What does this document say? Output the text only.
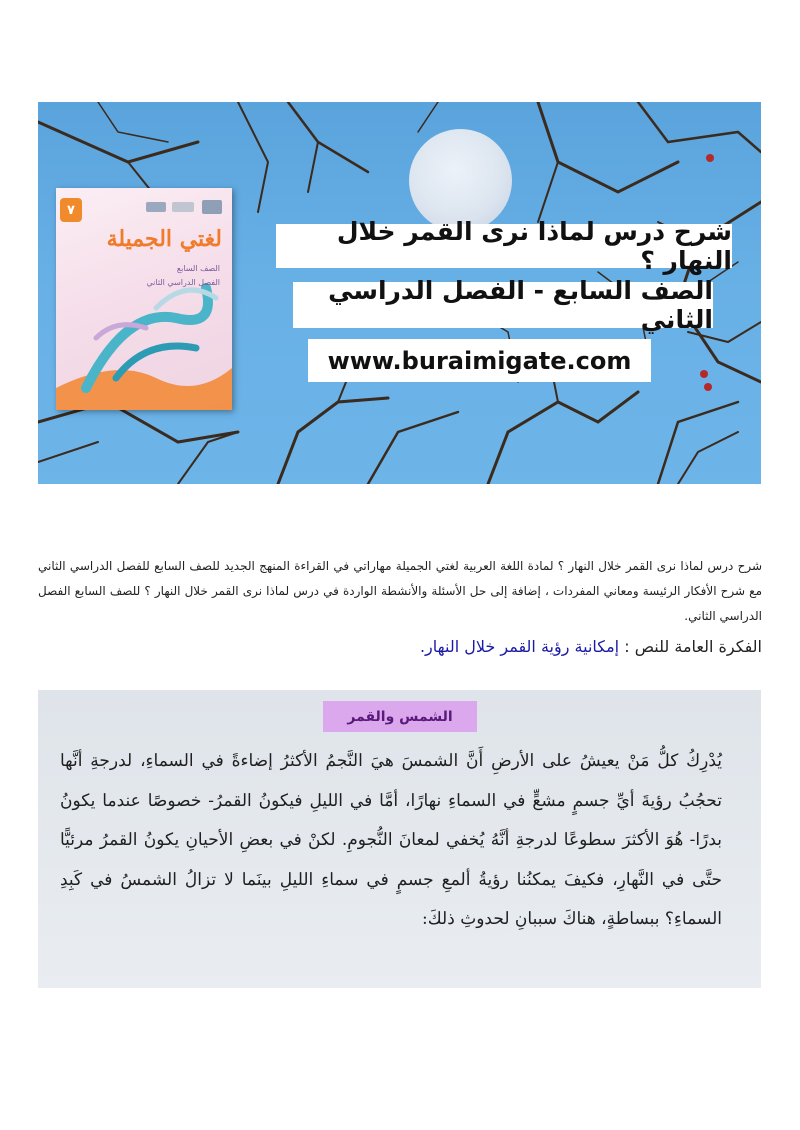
٧
لغتي الجميلة
الصف السابع
الفصل الدراسي الثاني
شرح درس لماذا نرى القمر خلال النهار ؟
الصف السابع - الفصل الدراسي الثاني
www.buraimigate.com

شرح درس لماذا نرى القمر خلال النهار ؟ لمادة اللغة العربية لغتي الجميلة مهاراتي في القراءة المنهج الجديد للصف السابع للفصل الدراسي الثاني مع شرح الأفكار الرئيسة ومعاني المفردات ، إضافة إلى حل الأسئلة والأنشطة الواردة في درس لماذا نرى القمر خلال النهار ؟ للصف السابع الفصل الدراسي الثاني.

الفكرة العامة للنص : إمكانية رؤية القمر خلال النهار.
الشمس والقمر
يُدْرِكُ كلُّ مَنْ يعيشُ على الأرضِ أَنَّ الشمسَ هيَ النَّجمُ الأكثرُ إضاءةً في السماءِ، لدرجةِ أنَّها تحجُبُ رؤيةَ أيِّ جسمٍ مشعٍّ في السماءِ نهارًا، أمَّا في الليلِ فيكونُ القمرُ- خصوصًا عندما يكونُ بدرًا- هُوَ الأكثرَ سطوعًا لدرجةِ أنَّهُ يُخفي لمعانَ النُّجومِ. لكنْ في بعضِ الأحيانِ يكونُ القمرُ مرئيًّا حتَّى في النَّهارِ، فكيفَ يمكنُنا رؤيةُ ألمعِ جسمٍ في سماءِ الليلِ بينَما لا تزالُ الشمسُ في كَبِدِ السماءِ؟ ببساطةٍ، هناكَ سببانِ لحدوثِ ذلكَ:
